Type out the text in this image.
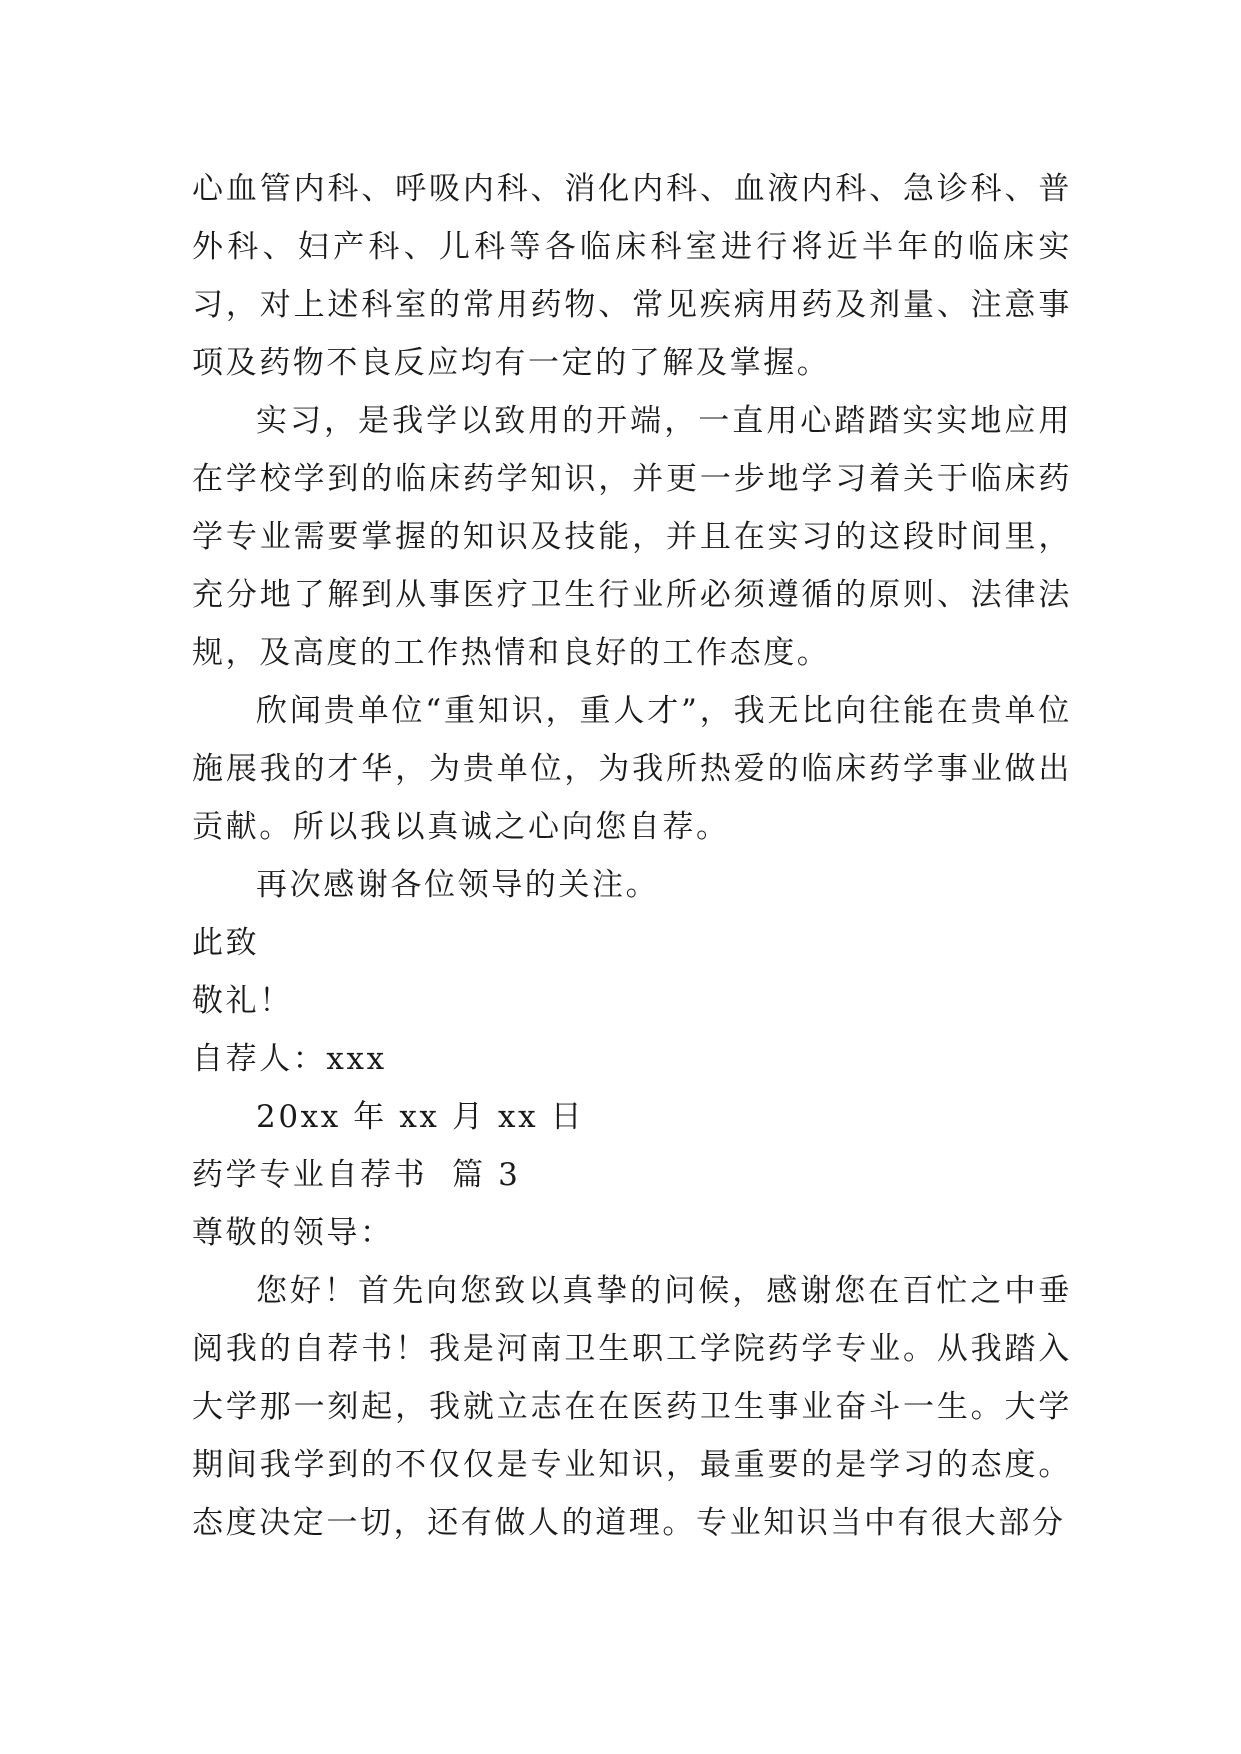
心血管内科、呼吸内科、消化内科、血液内科、急诊科、普外科、妇产科、儿科等各临床科室进行将近半年的临床实习，对上述科室的常用药物、常见疾病用药及剂量、注意事项及药物不良反应均有一定的了解及掌握。

实习，是我学以致用的开端，一直用心踏踏实实地应用在学校学到的临床药学知识，并更一步地学习着关于临床药学专业需要掌握的知识及技能，并且在实习的这段时间里，充分地了解到从事医疗卫生行业所必须遵循的原则、法律法规，及高度的工作热情和良好的工作态度。

欣闻贵单位“重知识，重人才”，我无比向往能在贵单位施展我的才华，为贵单位，为我所热爱的临床药学事业做出贡献。所以我以真诚之心向您自荐。

再次感谢各位领导的关注。

此致

敬礼！

自荐人：xxx

20xx 年 xx 月 xx 日

药学专业自荐书  篇 3

尊敬的领导：

您好！首先向您致以真挚的问候，感谢您在百忙之中垂阅我的自荐书！我是河南卫生职工学院药学专业。从我踏入大学那一刻起，我就立志在在医药卫生事业奋斗一生。大学期间我学到的不仅仅是专业知识，最重要的是学习的态度。态度决定一切，还有做人的道理。专业知识当中有很大部分
